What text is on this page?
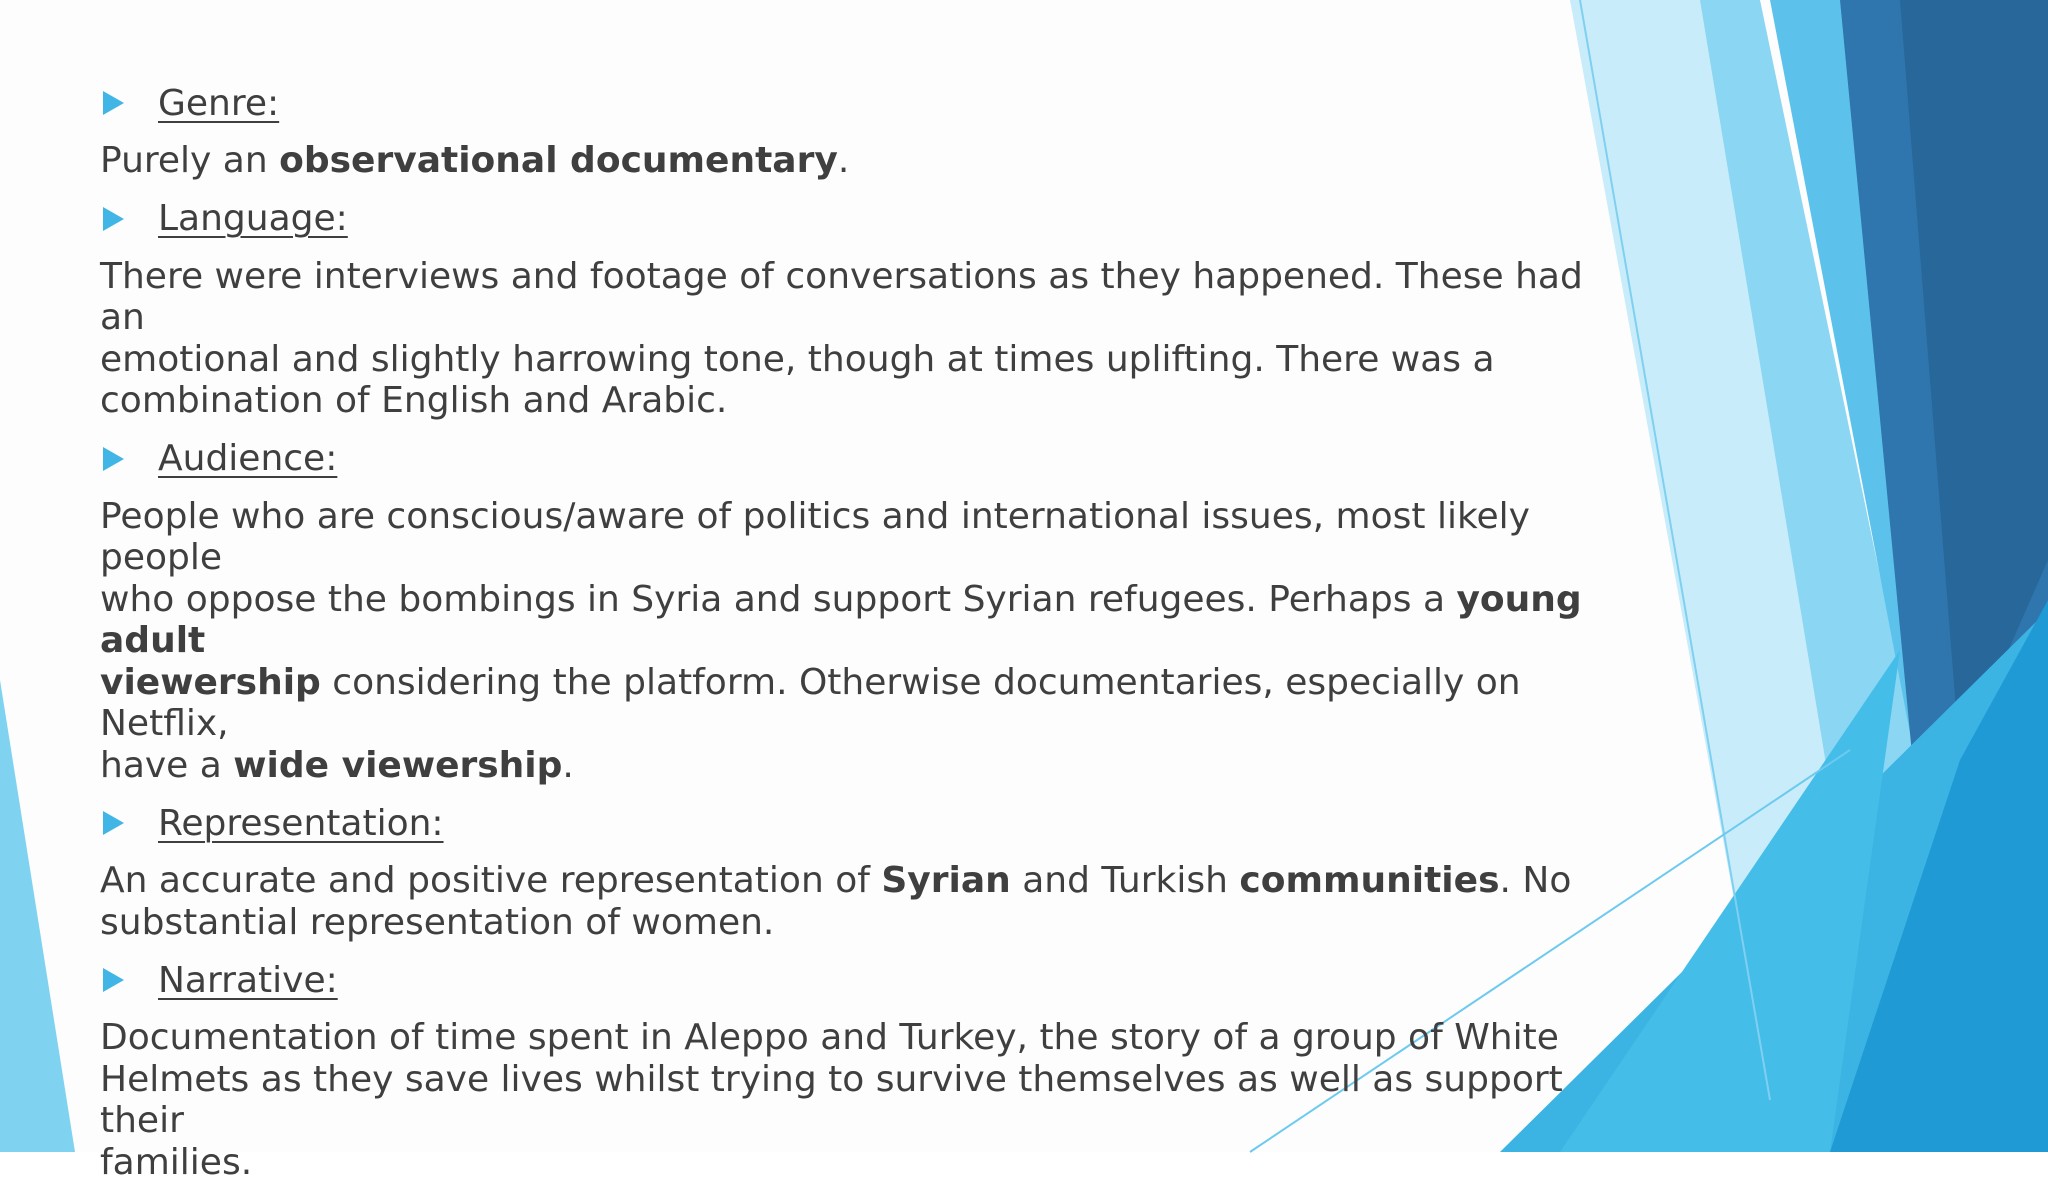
Genre:

Purely an observational documentary.

Language:

There were interviews and footage of conversations as they happened. These had an
emotional and slightly harrowing tone, though at times uplifting. There was a
combination of English and Arabic.

Audience:

People who are conscious/aware of politics and international issues, most likely people
who oppose the bombings in Syria and support Syrian refugees. Perhaps a young adult
viewership considering the platform. Otherwise documentaries, especially on Netflix,
have a wide viewership.

Representation:

An accurate and positive representation of Syrian and Turkish communities. No
substantial representation of women.

Narrative:

Documentation of time spent in Aleppo and Turkey, the story of a group of White
Helmets as they save lives whilst trying to survive themselves as well as support their
families.
